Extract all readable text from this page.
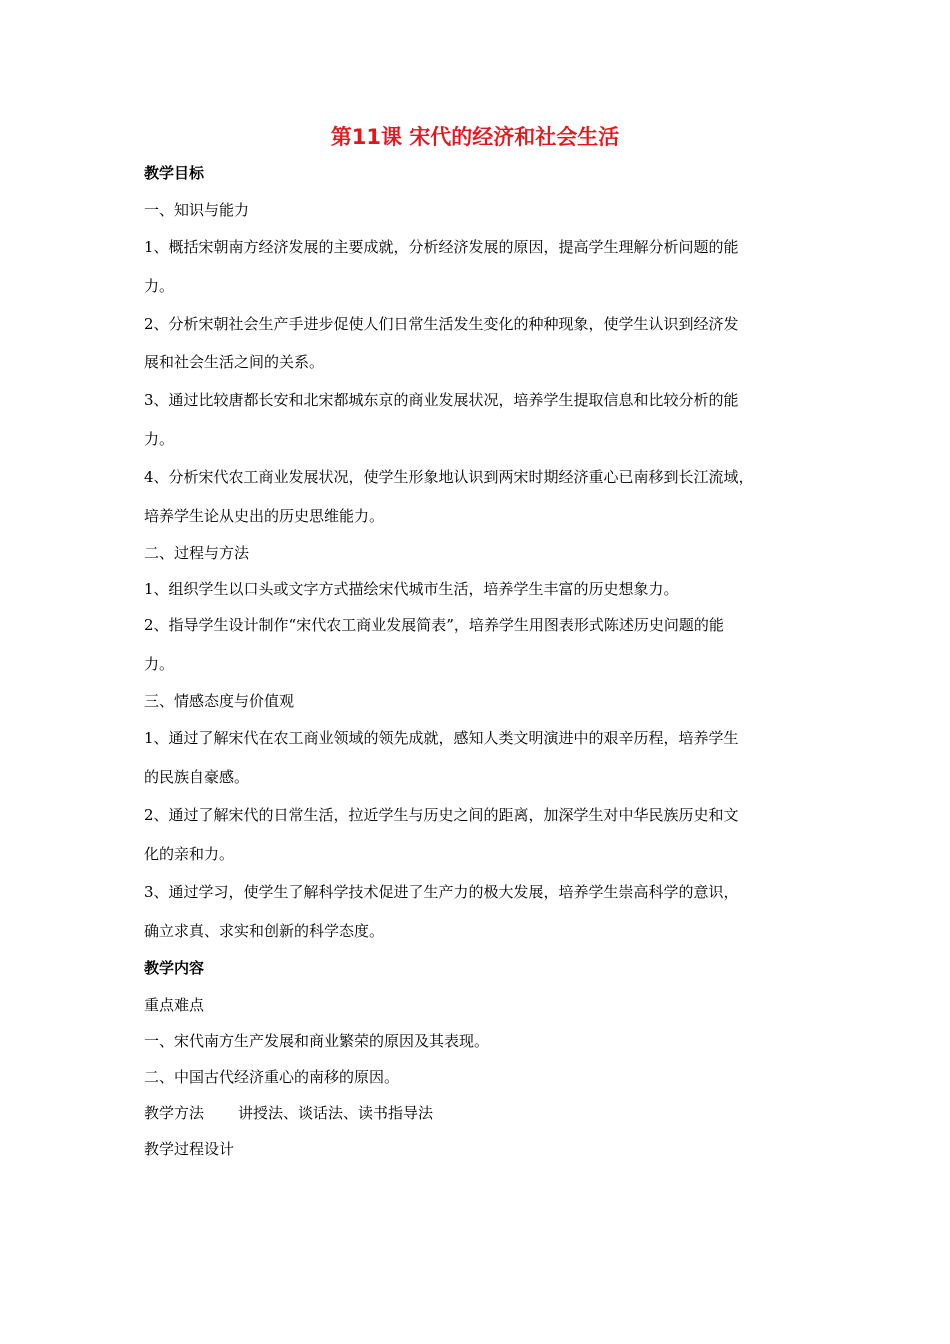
第11课 宋代的经济和社会生活
教学目标
一、知识与能力
1、概括宋朝南方经济发展的主要成就，分析经济发展的原因，提高学生理解分析问题的能
力。
2、分析宋朝社会生产手进步促使人们日常生活发生变化的种种现象，使学生认识到经济发
展和社会生活之间的关系。
3、通过比较唐都长安和北宋都城东京的商业发展状况，培养学生提取信息和比较分析的能
力。
4、分析宋代农工商业发展状况，使学生形象地认识到两宋时期经济重心已南移到长江流域，
培养学生论从史出的历史思维能力。
二、过程与方法
1、组织学生以口头或文字方式描绘宋代城市生活，培养学生丰富的历史想象力。
2、指导学生设计制作“宋代农工商业发展简表”，培养学生用图表形式陈述历史问题的能
力。
三、情感态度与价值观
1、通过了解宋代在农工商业领域的领先成就，感知人类文明演进中的艰辛历程，培养学生
的民族自豪感。
2、通过了解宋代的日常生活，拉近学生与历史之间的距离，加深学生对中华民族历史和文
化的亲和力。
3、通过学习，使学生了解科学技术促进了生产力的极大发展，培养学生崇高科学的意识，
确立求真、求实和创新的科学态度。
教学内容
重点难点
一、宋代南方生产发展和商业繁荣的原因及其表现。
二、中国古代经济重心的南移的原因。
教学方法 讲授法、谈话法、读书指导法
教学过程设计
